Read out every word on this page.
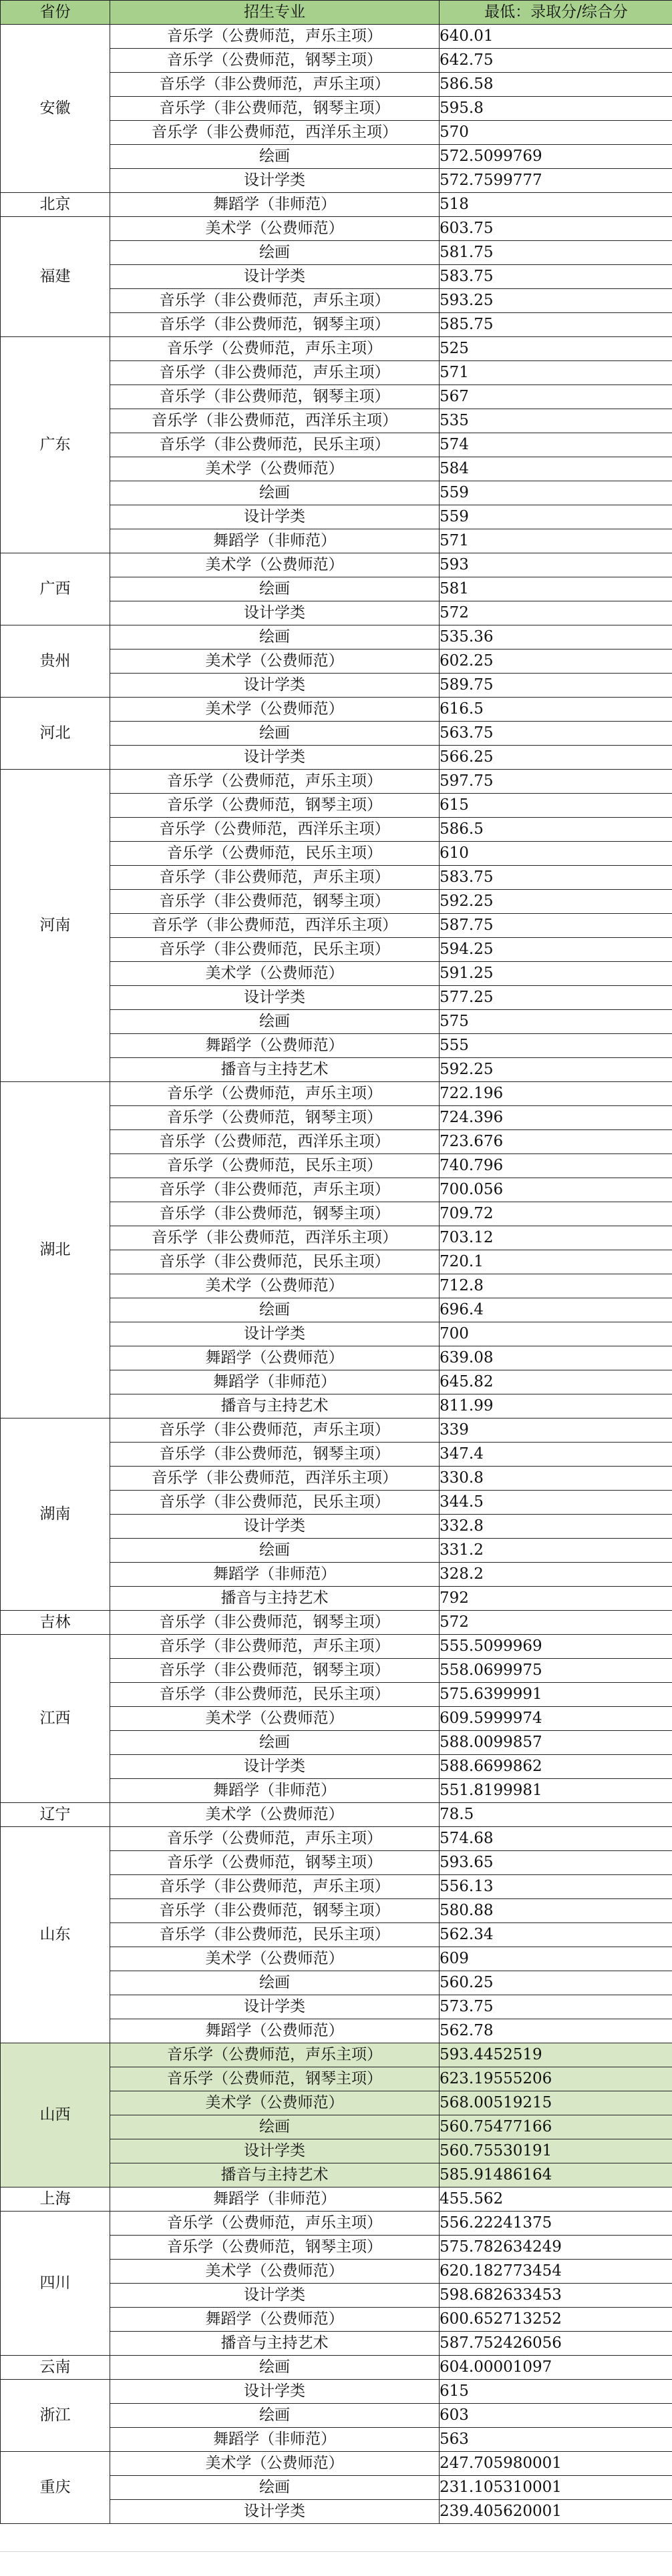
省份	招生专业	最低：录取分/综合分
安徽	音乐学（公费师范，声乐主项）	640.01
	音乐学（公费师范，钢琴主项）	642.75
	音乐学（非公费师范，声乐主项）	586.58
	音乐学（非公费师范，钢琴主项）	595.8
	音乐学（非公费师范，西洋乐主项）	570
	绘画	572.5099769
	设计学类	572.7599777
北京	舞蹈学（非师范）	518
福建	美术学（公费师范）	603.75
	绘画	581.75
	设计学类	583.75
	音乐学（非公费师范，声乐主项）	593.25
	音乐学（非公费师范，钢琴主项）	585.75
广东	音乐学（公费师范，声乐主项）	525
	音乐学（非公费师范，声乐主项）	571
	音乐学（非公费师范，钢琴主项）	567
	音乐学（非公费师范，西洋乐主项）	535
	音乐学（非公费师范，民乐主项）	574
	美术学（公费师范）	584
	绘画	559
	设计学类	559
	舞蹈学（非师范）	571
广西	美术学（公费师范）	593
	绘画	581
	设计学类	572
贵州	绘画	535.36
	美术学（公费师范）	602.25
	设计学类	589.75
河北	美术学（公费师范）	616.5
	绘画	563.75
	设计学类	566.25
河南	音乐学（公费师范，声乐主项）	597.75
	音乐学（公费师范，钢琴主项）	615
	音乐学（公费师范，西洋乐主项）	586.5
	音乐学（公费师范，民乐主项）	610
	音乐学（非公费师范，声乐主项）	583.75
	音乐学（非公费师范，钢琴主项）	592.25
	音乐学（非公费师范，西洋乐主项）	587.75
	音乐学（非公费师范，民乐主项）	594.25
	美术学（公费师范）	591.25
	设计学类	577.25
	绘画	575
	舞蹈学（公费师范）	555
	播音与主持艺术	592.25
湖北	音乐学（公费师范，声乐主项）	722.196
	音乐学（公费师范，钢琴主项）	724.396
	音乐学（公费师范，西洋乐主项）	723.676
	音乐学（公费师范，民乐主项）	740.796
	音乐学（非公费师范，声乐主项）	700.056
	音乐学（非公费师范，钢琴主项）	709.72
	音乐学（非公费师范，西洋乐主项）	703.12
	音乐学（非公费师范，民乐主项）	720.1
	美术学（公费师范）	712.8
	绘画	696.4
	设计学类	700
	舞蹈学（公费师范）	639.08
	舞蹈学（非师范）	645.82
	播音与主持艺术	811.99
湖南	音乐学（非公费师范，声乐主项）	339
	音乐学（非公费师范，钢琴主项）	347.4
	音乐学（非公费师范，西洋乐主项）	330.8
	音乐学（非公费师范，民乐主项）	344.5
	设计学类	332.8
	绘画	331.2
	舞蹈学（非师范）	328.2
	播音与主持艺术	792
吉林	音乐学（非公费师范，钢琴主项）	572
江西	音乐学（非公费师范，声乐主项）	555.5099969
	音乐学（非公费师范，钢琴主项）	558.0699975
	音乐学（非公费师范，民乐主项）	575.6399991
	美术学（公费师范）	609.5999974
	绘画	588.0099857
	设计学类	588.6699862
	舞蹈学（非师范）	551.8199981
辽宁	美术学（公费师范）	78.5
山东	音乐学（公费师范，声乐主项）	574.68
	音乐学（公费师范，钢琴主项）	593.65
	音乐学（非公费师范，声乐主项）	556.13
	音乐学（非公费师范，钢琴主项）	580.88
	音乐学（非公费师范，民乐主项）	562.34
	美术学（公费师范）	609
	绘画	560.25
	设计学类	573.75
	舞蹈学（公费师范）	562.78
山西	音乐学（公费师范，声乐主项）	593.4452519
	音乐学（公费师范，钢琴主项）	623.19555206
	美术学（公费师范）	568.00519215
	绘画	560.75477166
	设计学类	560.75530191
	播音与主持艺术	585.91486164
上海	舞蹈学（非师范）	455.562
四川	音乐学（公费师范，声乐主项）	556.22241375
	音乐学（公费师范，钢琴主项）	575.782634249
	美术学（公费师范）	620.182773454
	设计学类	598.682633453
	舞蹈学（公费师范）	600.652713252
	播音与主持艺术	587.752426056
云南	绘画	604.00001097
浙江	设计学类	615
	绘画	603
	舞蹈学（非师范）	563
重庆	美术学（公费师范）	247.705980001
	绘画	231.105310001
	设计学类	239.405620001
